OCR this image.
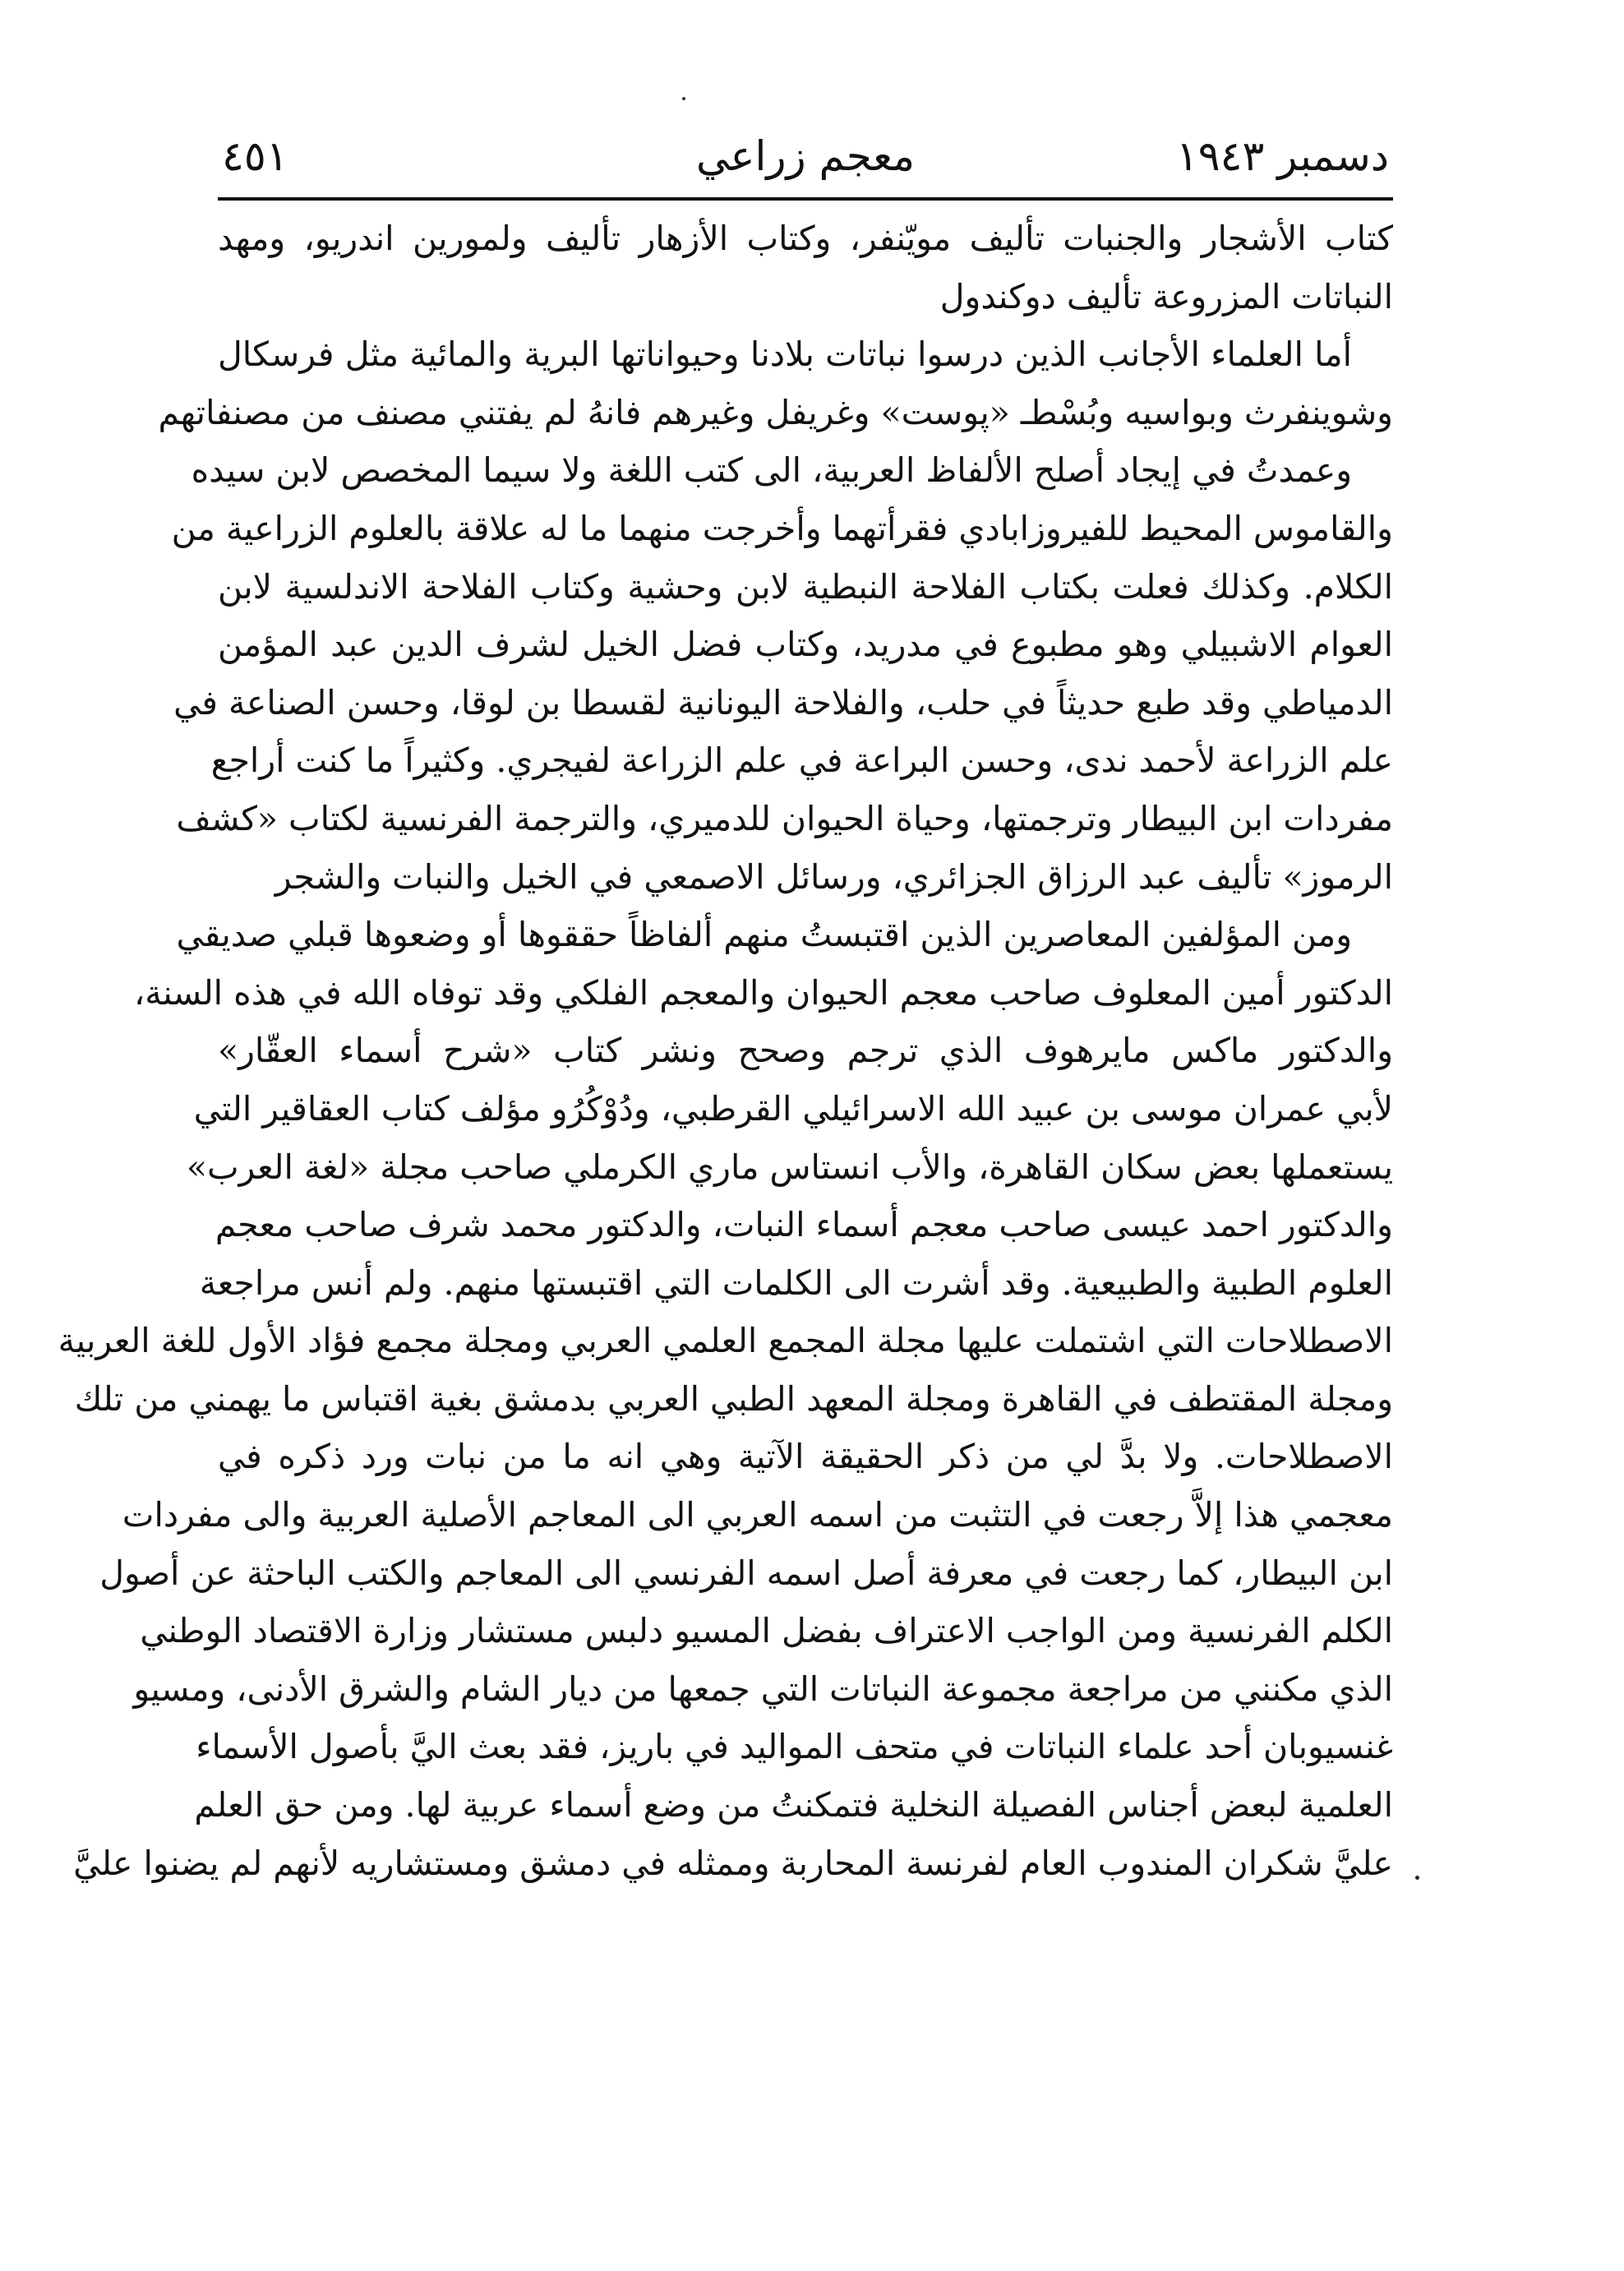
دسمبر ١٩٤٣
معجم زراعي
٤٥١
كتاب الأشجار والجنبات تأليف مويّنفر، وكتاب الأزهار تأليف ولمورين اندريو، ومهد
النباتات المزروعة تأليف دوكندول
أما العلماء الأجانب الذين درسوا نباتات بلادنا وحيواناتها البرية والمائية مثل فرسكال
وشوينفرث وبواسيه وبُسْطـ «پوست» وغريفل وغيرهم فانهُ لم يفتني مصنف من مصنفاتهم
وعمدتُ في إيجاد أصلح الألفاظ العربية، الى كتب اللغة ولا سيما المخصص لابن سيده
والقاموس المحيط للفيروزابادي فقرأتهما وأخرجت منهما ما له علاقة بالعلوم الزراعية من
الكلام. وكذلك فعلت بكتاب الفلاحة النبطية لابن وحشية وكتاب الفلاحة الاندلسية لابن
العوام الاشبيلي وهو مطبوع في مدريد، وكتاب فضل الخيل لشرف الدين عبد المؤمن
الدمياطي وقد طبع حديثاً في حلب، والفلاحة اليونانية لقسطا بن لوقا، وحسن الصناعة في
علم الزراعة لأحمد ندى، وحسن البراعة في علم الزراعة لفيجري. وكثيراً ما كنت أراجع
مفردات ابن البيطار وترجمتها، وحياة الحيوان للدميري، والترجمة الفرنسية لكتاب «كشف
الرموز» تأليف عبد الرزاق الجزائري، ورسائل الاصمعي في الخيل والنبات والشجر
ومن المؤلفين المعاصرين الذين اقتبستُ منهم ألفاظاً حققوها أو وضعوها قبلي صديقي
الدكتور أمين المعلوف صاحب معجم الحيوان والمعجم الفلكي وقد توفاه الله في هذه السنة،
والدكتور ماكس مايرهوف الذي ترجم وصحح ونشر كتاب «شرح أسماء العقّار»
لأبي عمران موسى بن عبيد الله الاسرائيلي القرطبي، ودُوْكُرُو مؤلف كتاب العقاقير التي
يستعملها بعض سكان القاهرة، والأب انستاس ماري الكرملي صاحب مجلة «لغة العرب»
والدكتور احمد عيسى صاحب معجم أسماء النبات، والدكتور محمد شرف صاحب معجم
العلوم الطبية والطبيعية. وقد أشرت الى الكلمات التي اقتبستها منهم. ولم أنس مراجعة
الاصطلاحات التي اشتملت عليها مجلة المجمع العلمي العربي ومجلة مجمع فؤاد الأول للغة العربية
ومجلة المقتطف في القاهرة ومجلة المعهد الطبي العربي بدمشق بغية اقتباس ما يهمني من تلك
الاصطلاحات. ولا بدَّ لي من ذكر الحقيقة الآتية وهي انه ما من نبات ورد ذكره في
معجمي هذا إلاَّ رجعت في التثبت من اسمه العربي الى المعاجم الأصلية العربية والى مفردات
ابن البيطار، كما رجعت في معرفة أصل اسمه الفرنسي الى المعاجم والكتب الباحثة عن أصول
الكلم الفرنسية ومن الواجب الاعتراف بفضل المسيو دلبس مستشار وزارة الاقتصاد الوطني
الذي مكنني من مراجعة مجموعة النباتات التي جمعها من ديار الشام والشرق الأدنى، ومسيو
غنسيوبان أحد علماء النباتات في متحف المواليد في باريز، فقد بعث اليَّ بأصول الأسماء
العلمية لبعض أجناس الفصيلة النخلية فتمكنتُ من وضع أسماء عربية لها. ومن حق العلم
عليَّ شكران المندوب العام لفرنسة المحاربة وممثله في دمشق ومستشاريه لأنهم لم يضنوا عليَّ
